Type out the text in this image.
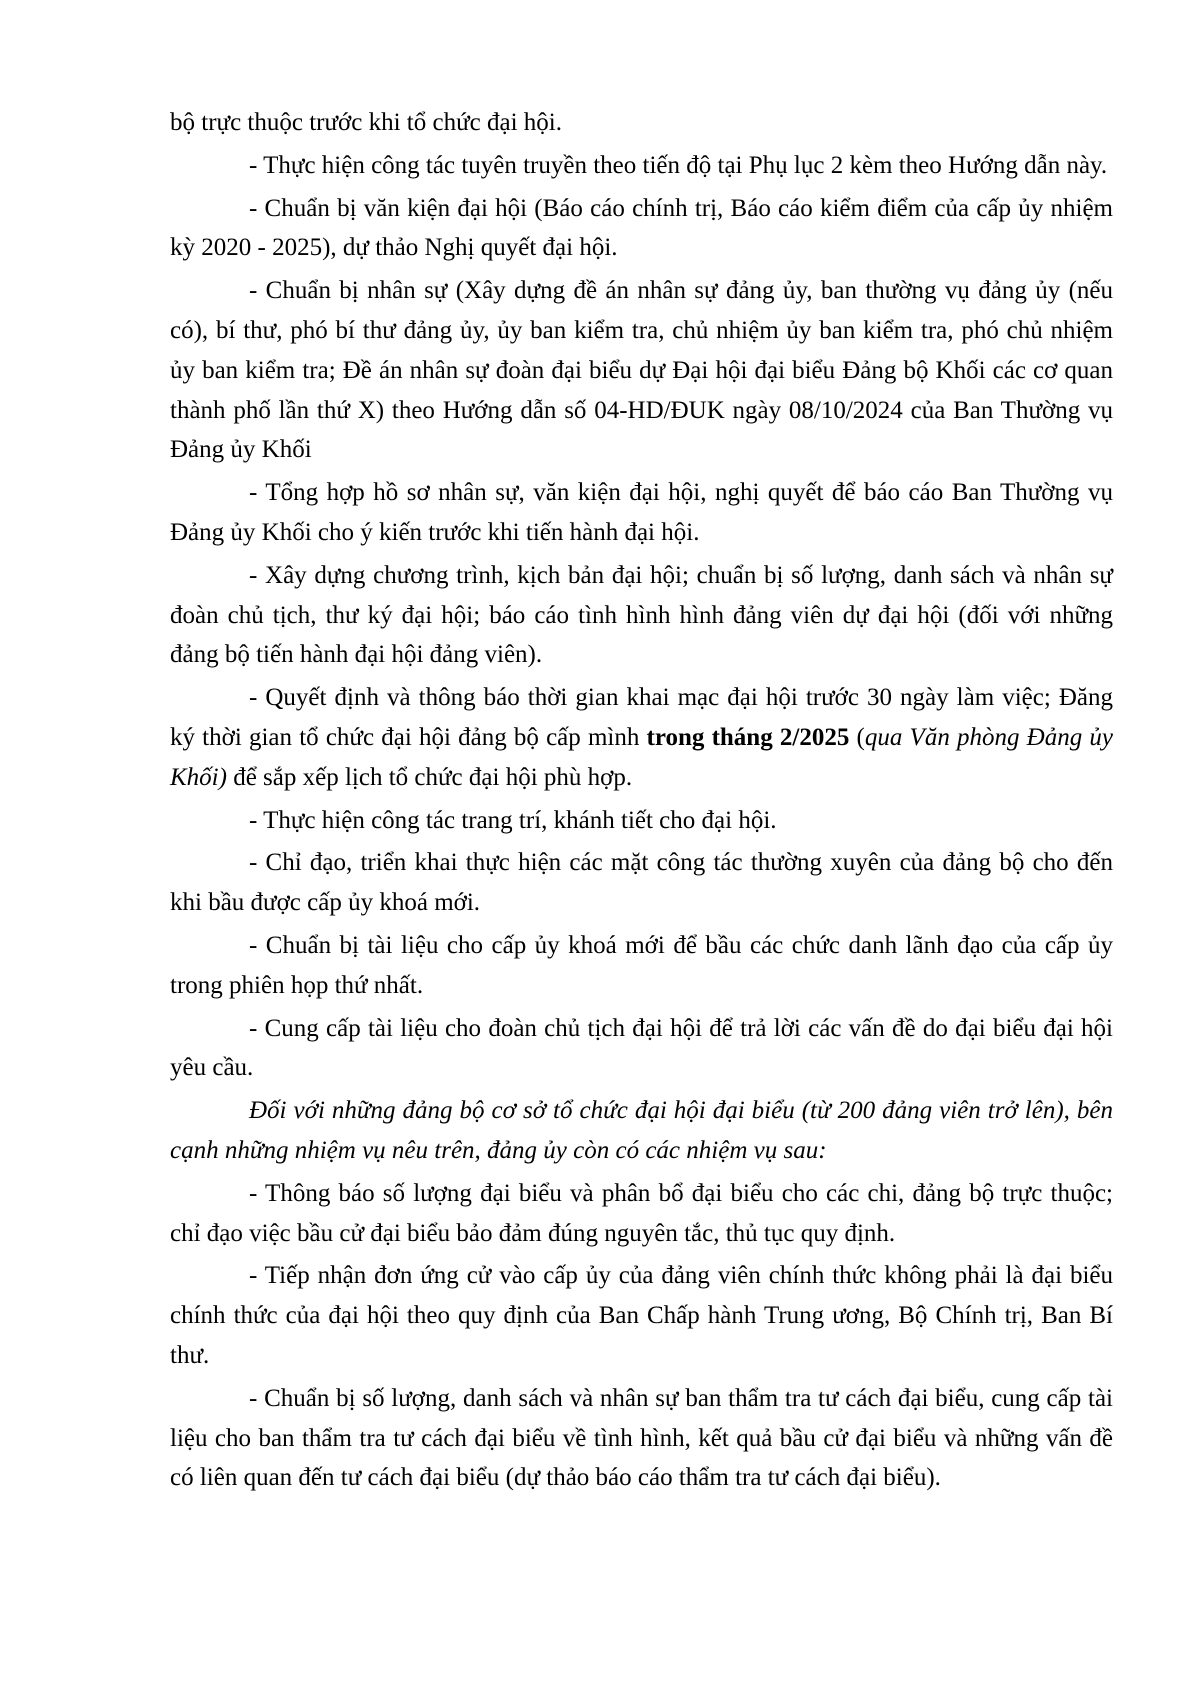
bộ trực thuộc trước khi tổ chức đại hội.

- Thực hiện công tác tuyên truyền theo tiến độ tại Phụ lục 2 kèm theo Hướng dẫn này.

- Chuẩn bị văn kiện đại hội (Báo cáo chính trị, Báo cáo kiểm điểm của cấp ủy nhiệm kỳ 2020 - 2025), dự thảo Nghị quyết đại hội.

- Chuẩn bị nhân sự (Xây dựng đề án nhân sự đảng ủy, ban thường vụ đảng ủy (nếu có), bí thư, phó bí thư đảng ủy, ủy ban kiểm tra, chủ nhiệm ủy ban kiểm tra, phó chủ nhiệm ủy ban kiểm tra; Đề án nhân sự đoàn đại biểu dự Đại hội đại biểu Đảng bộ Khối các cơ quan thành phố lần thứ X) theo Hướng dẫn số 04-HD/ĐUK ngày 08/10/2024 của Ban Thường vụ Đảng ủy Khối

- Tổng hợp hồ sơ nhân sự, văn kiện đại hội, nghị quyết để báo cáo Ban Thường vụ Đảng ủy Khối cho ý kiến trước khi tiến hành đại hội.

- Xây dựng chương trình, kịch bản đại hội; chuẩn bị số lượng, danh sách và nhân sự đoàn chủ tịch, thư ký đại hội; báo cáo tình hình hình đảng viên dự đại hội (đối với những đảng bộ tiến hành đại hội đảng viên).

- Quyết định và thông báo thời gian khai mạc đại hội trước 30 ngày làm việc; Đăng ký thời gian tổ chức đại hội đảng bộ cấp mình trong tháng 2/2025 (qua Văn phòng Đảng ủy Khối) để sắp xếp lịch tổ chức đại hội phù hợp.

- Thực hiện công tác trang trí, khánh tiết cho đại hội.

- Chỉ đạo, triển khai thực hiện các mặt công tác thường xuyên của đảng bộ cho đến khi bầu được cấp ủy khoá mới.

- Chuẩn bị tài liệu cho cấp ủy khoá mới để bầu các chức danh lãnh đạo của cấp ủy trong phiên họp thứ nhất.

- Cung cấp tài liệu cho đoàn chủ tịch đại hội để trả lời các vấn đề do đại biểu đại hội yêu cầu.

Đối với những đảng bộ cơ sở tổ chức đại hội đại biểu (từ 200 đảng viên trở lên), bên cạnh những nhiệm vụ nêu trên, đảng ủy còn có các nhiệm vụ sau:

- Thông báo số lượng đại biểu và phân bổ đại biểu cho các chi, đảng bộ trực thuộc; chỉ đạo việc bầu cử đại biểu bảo đảm đúng nguyên tắc, thủ tục quy định.

- Tiếp nhận đơn ứng cử vào cấp ủy của đảng viên chính thức không phải là đại biểu chính thức của đại hội theo quy định của Ban Chấp hành Trung ương, Bộ Chính trị, Ban Bí thư.

- Chuẩn bị số lượng, danh sách và nhân sự ban thẩm tra tư cách đại biểu, cung cấp tài liệu cho ban thẩm tra tư cách đại biểu về tình hình, kết quả bầu cử đại biểu và những vấn đề có liên quan đến tư cách đại biểu (dự thảo báo cáo thẩm tra tư cách đại biểu).
